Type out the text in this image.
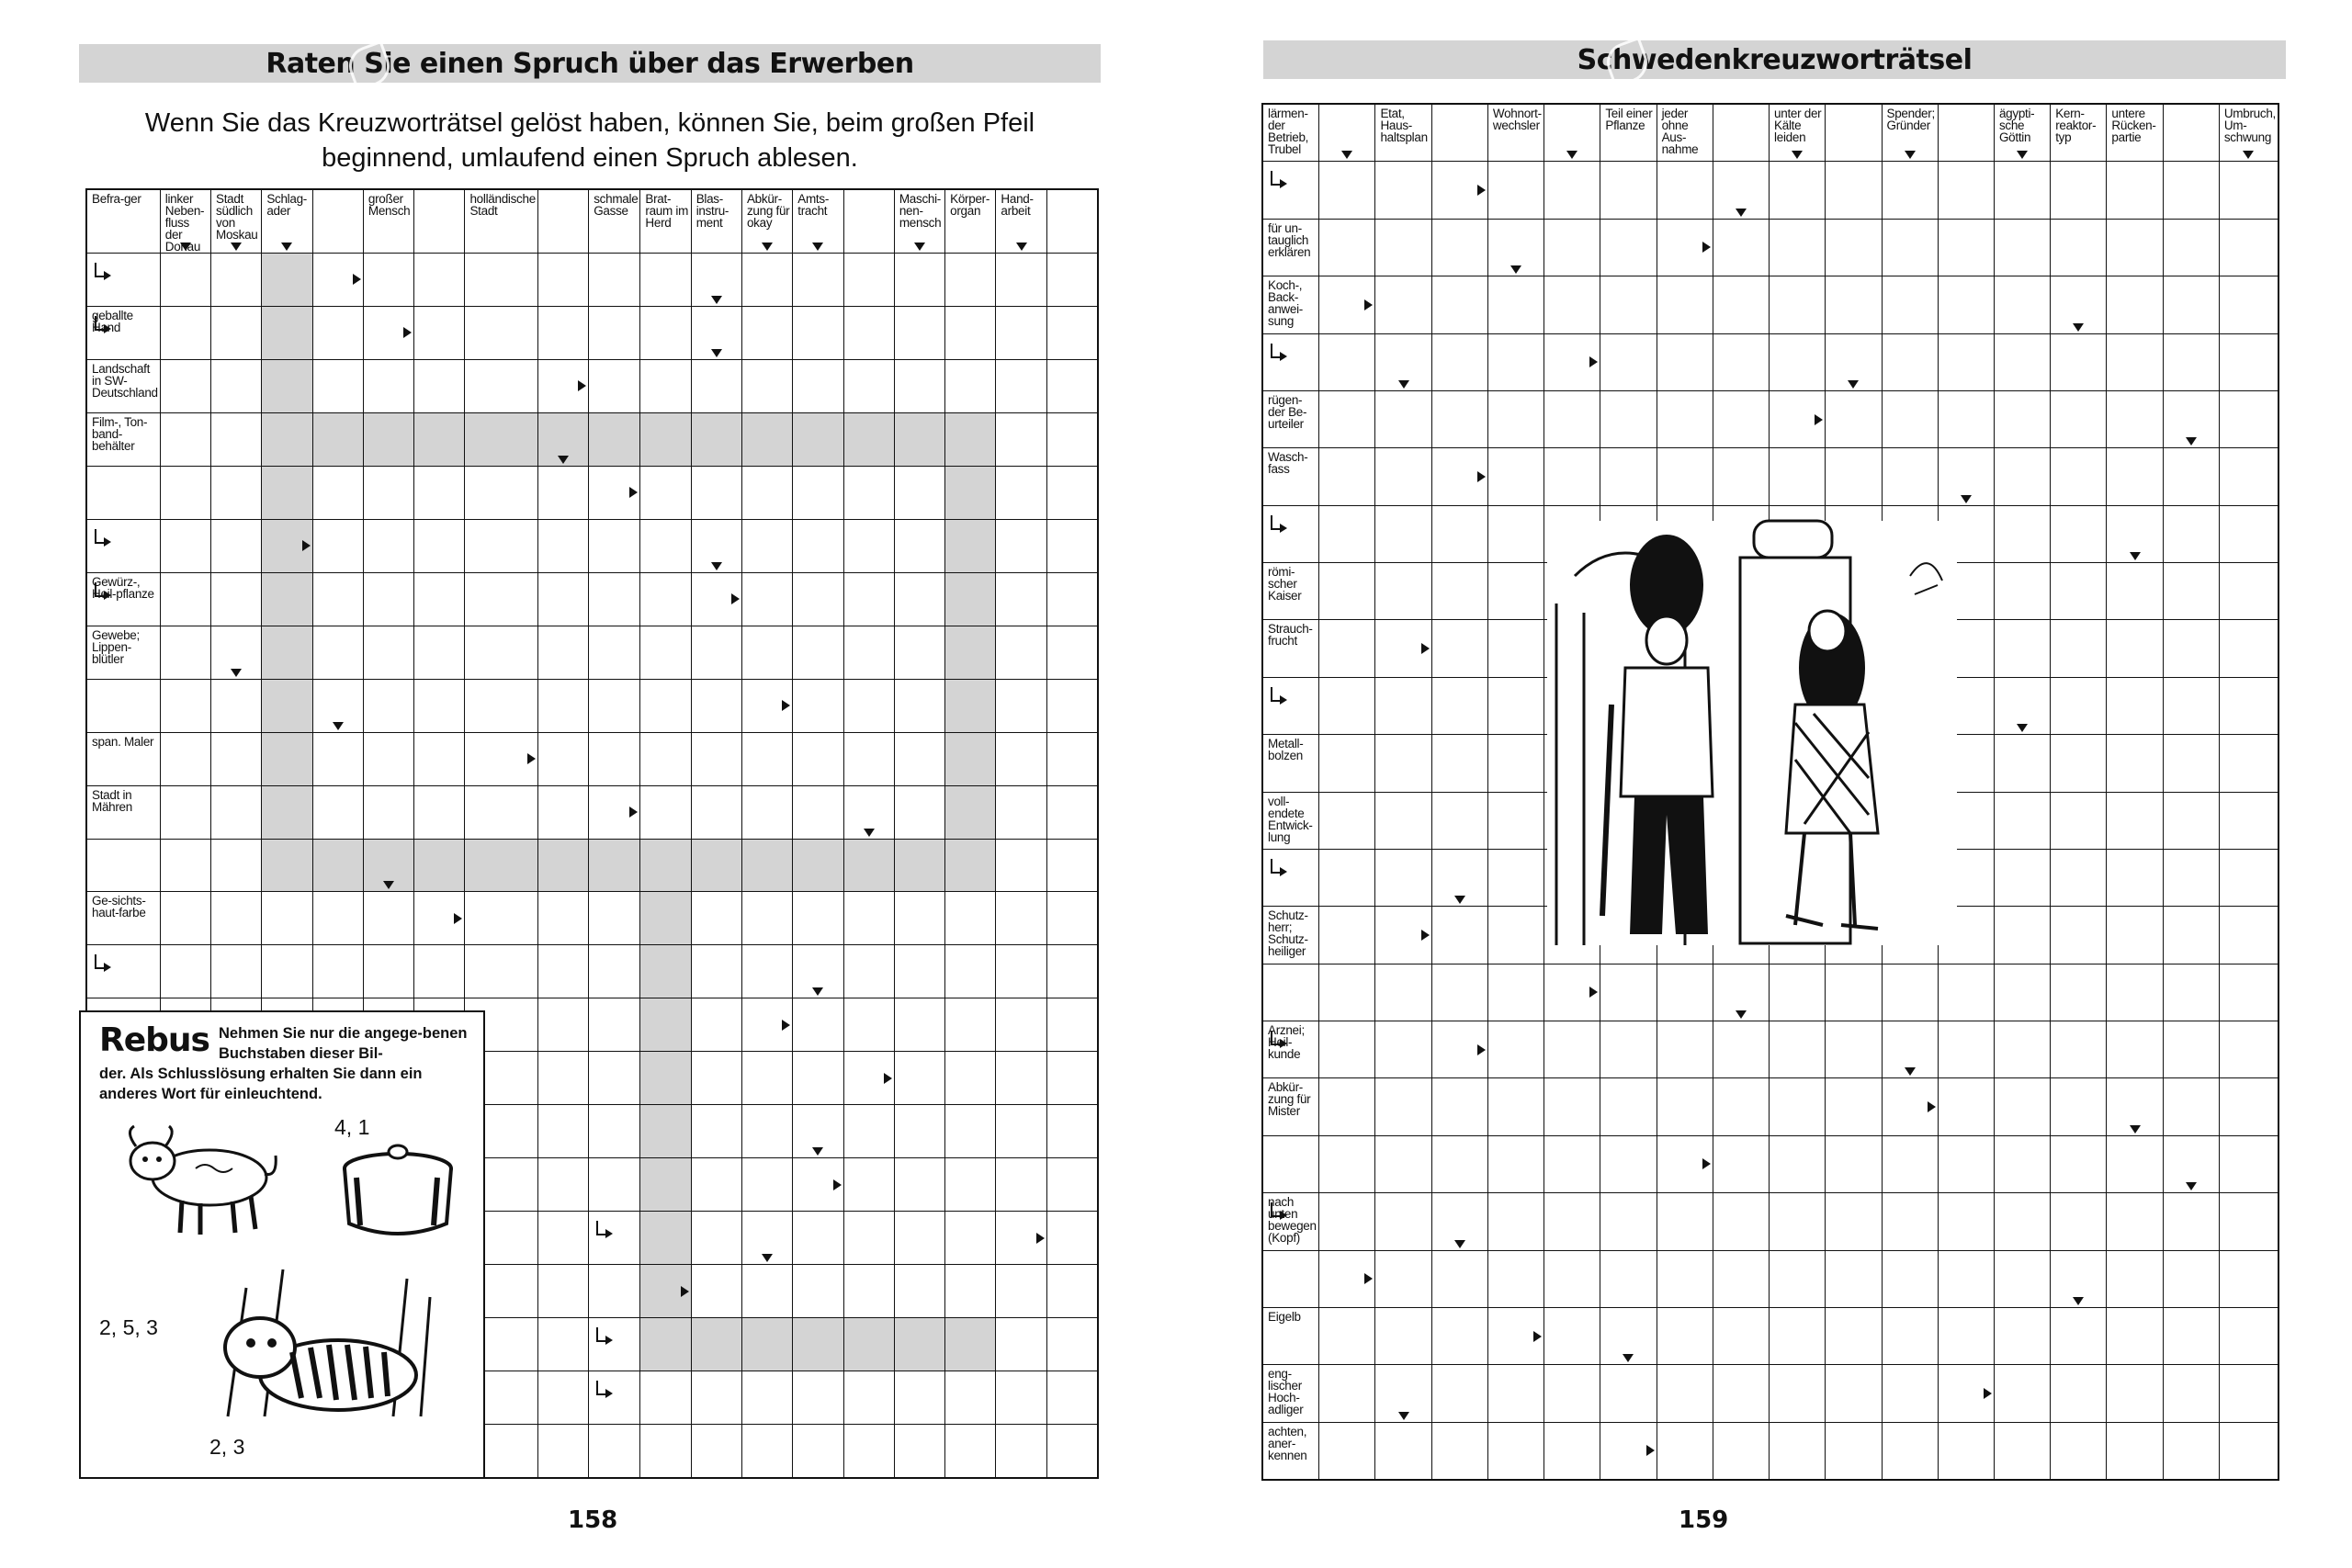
Raten Sie einen Spruch über das Erwerben
Wenn Sie das Kreuzworträtsel gelöst haben, können Sie, beim großen Pfeil beginnend, umlaufend einen Spruch ablesen.
Befra-ger	linker Neben-fluss der Donau
Stadt südlich von Moskau
Schlag-ader
großer Mensch
holländische Stadt
schmale Gasse
Brat-raum im Herd
Blas-instru-ment
Abkür-zung für okay
Amts-tracht
Maschi-nen-mensch
Körper-organ
Hand-arbeit
geballte Hand
Landschaft in SW-Deutschland
Film-, Ton-band-behälter
Gewürz-, Heil-pflanze
Gewebe; Lippen-blütler
span. Maler
Stadt in Mähren
Ge-sichts-haut-farbe
Rebus Nehmen Sie nur die angege-benen Buchstaben dieser Bil-
der. Als Schlusslösung erhalten Sie dann ein anderes Wort für einleuchtend.
4, 1
2, 5, 3
2, 3
158
Schwedenkreuzworträtsel
lärmen-der Betrieb, Trubel
Etat, Haus-haltsplan
Wohnort-wechsler
Teil einer Pflanze
jeder ohne Aus-nahme
unter der Kälte leiden
Spender; Gründer
ägypti-sche Göttin
Kern-reaktor-typ
untere Rücken-partie
Umbruch, Um-schwung
für un-tauglich erklären
Koch-, Back-anwei-sung
rügen-der Be-urteiler
Wasch-fass
römi-scher Kaiser
Strauch-frucht
Metall-bolzen
voll-endete Entwick-lung
Schutz-herr; Schutz-heiliger
Arznei; Heil-kunde
Abkür-zung für Mister
nach unten bewegen (Kopf)
Eigelb
eng-lischer Hoch-adliger
achten, aner-kennen
159
